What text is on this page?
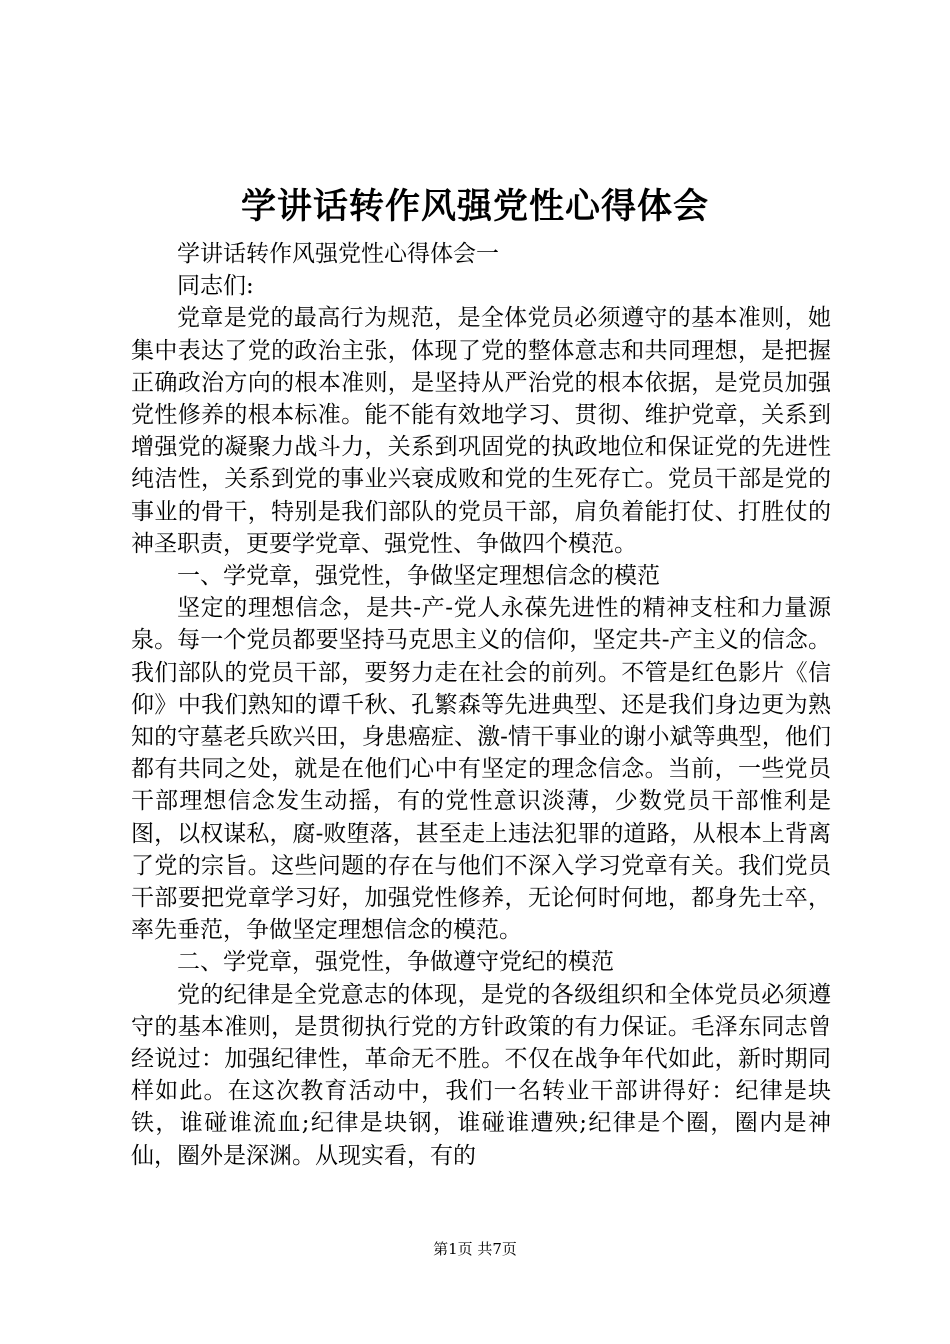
学讲话转作风强党性心得体会

学讲话转作风强党性心得体会一

同志们:

党章是党的最高行为规范，是全体党员必须遵守的基本准则，她集中表达了党的政治主张，体现了党的整体意志和共同理想，是把握正确政治方向的根本准则，是坚持从严治党的根本依据，是党员加强党性修养的根本标准。能不能有效地学习、贯彻、维护党章，关系到增强党的凝聚力战斗力，关系到巩固党的执政地位和保证党的先进性纯洁性，关系到党的事业兴衰成败和党的生死存亡。党员干部是党的事业的骨干，特别是我们部队的党员干部，肩负着能打仗、打胜仗的神圣职责，更要学党章、强党性、争做四个模范。

一、学党章，强党性，争做坚定理想信念的模范

坚定的理想信念，是共-产-党人永葆先进性的精神支柱和力量源泉。每一个党员都要坚持马克思主义的信仰，坚定共-产主义的信念。我们部队的党员干部，要努力走在社会的前列。不管是红色影片《信仰》中我们熟知的谭千秋、孔繁森等先进典型、还是我们身边更为熟知的守墓老兵欧兴田，身患癌症、激-情干事业的谢小斌等典型，他们都有共同之处，就是在他们心中有坚定的理念信念。当前，一些党员干部理想信念发生动摇，有的党性意识淡薄，少数党员干部惟利是图，以权谋私，腐-败堕落，甚至走上违法犯罪的道路，从根本上背离了党的宗旨。这些问题的存在与他们不深入学习党章有关。我们党员干部要把党章学习好，加强党性修养，无论何时何地，都身先士卒，率先垂范，争做坚定理想信念的模范。

二、学党章，强党性，争做遵守党纪的模范

党的纪律是全党意志的体现，是党的各级组织和全体党员必须遵守的基本准则，是贯彻执行党的方针政策的有力保证。毛泽东同志曾经说过：加强纪律性，革命无不胜。不仅在战争年代如此，新时期同样如此。在这次教育活动中，我们一名转业干部讲得好：纪律是块铁，谁碰谁流血;纪律是块钢，谁碰谁遭殃;纪律是个圈，圈内是神仙，圈外是深渊。从现实看，有的

第1页 共7页
